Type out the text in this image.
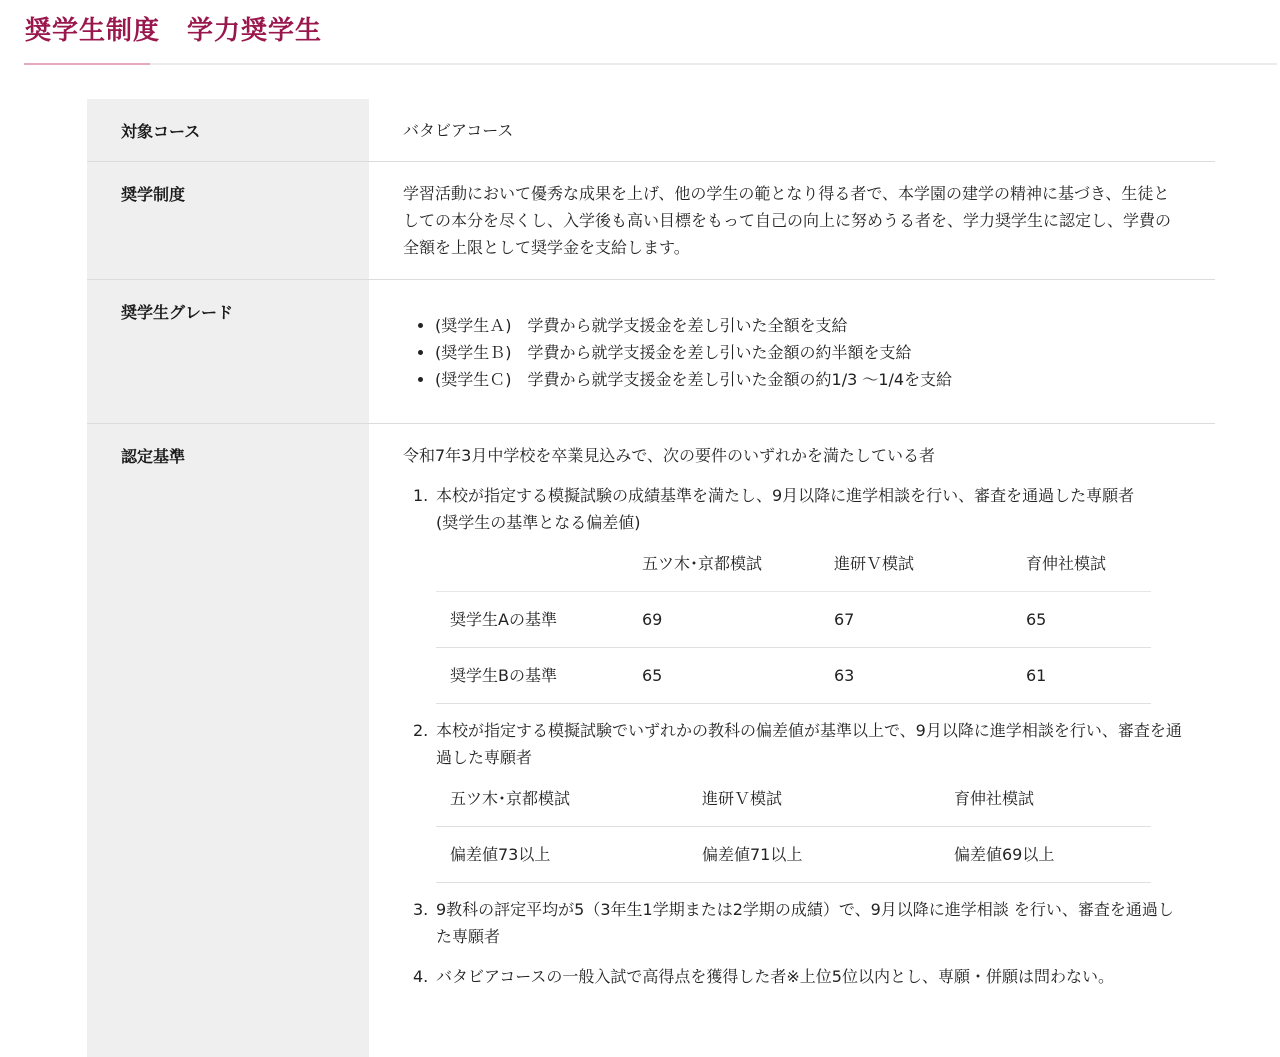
奨学生制度　学力奨学生
対象コース	バタビアコース
奨学制度	学習活動において優秀な成果を上げ、他の学生の範となり得る者で、本学園の建学の精神に基づき、生徒としての本分を尽くし、入学後も高い目標をもって自己の向上に努めうる者を、学力奨学生に認定し、学費の全額を上限として奨学金を支給します。
奨学生グレード
(奨学生Ａ)　 学費から就学支援金を差し引いた全額を支給
(奨学生Ｂ)　 学費から就学支援金を差し引いた金額の約半額を支給
(奨学生Ｃ)　 学費から就学支援金を差し引いた金額の約1/3 〜1/4を支給
認定基準	令和7年3月中学校を卒業見込みで、次の要件のいずれかを満たしている者

1. 本校が指定する模擬試験の成績基準を満たし、9月以降に進学相談を行い、審査を通過した専願者
(奨学生の基準となる偏差値)
	五ツ木･京都模試	進研Ｖ模試	育伸社模試
奨学生Aの基準	69	67	65
奨学生Bの基準	65	63	61
2. 本校が指定する模擬試験でいずれかの教科の偏差値が基準以上で、9月以降に進学相談を行い、審査を通過した専願者
五ツ木･京都模試	進研Ｖ模試	育伸社模試
偏差値73以上	偏差値71以上	偏差値69以上
3. 9教科の評定平均が5（3年生1学期または2学期の成績）で、9月以降に進学相談 を行い、審査を通過した専願者
4. バタビアコースの一般入試で高得点を獲得した者※上位5位以内とし、専願・併願は問わない。
